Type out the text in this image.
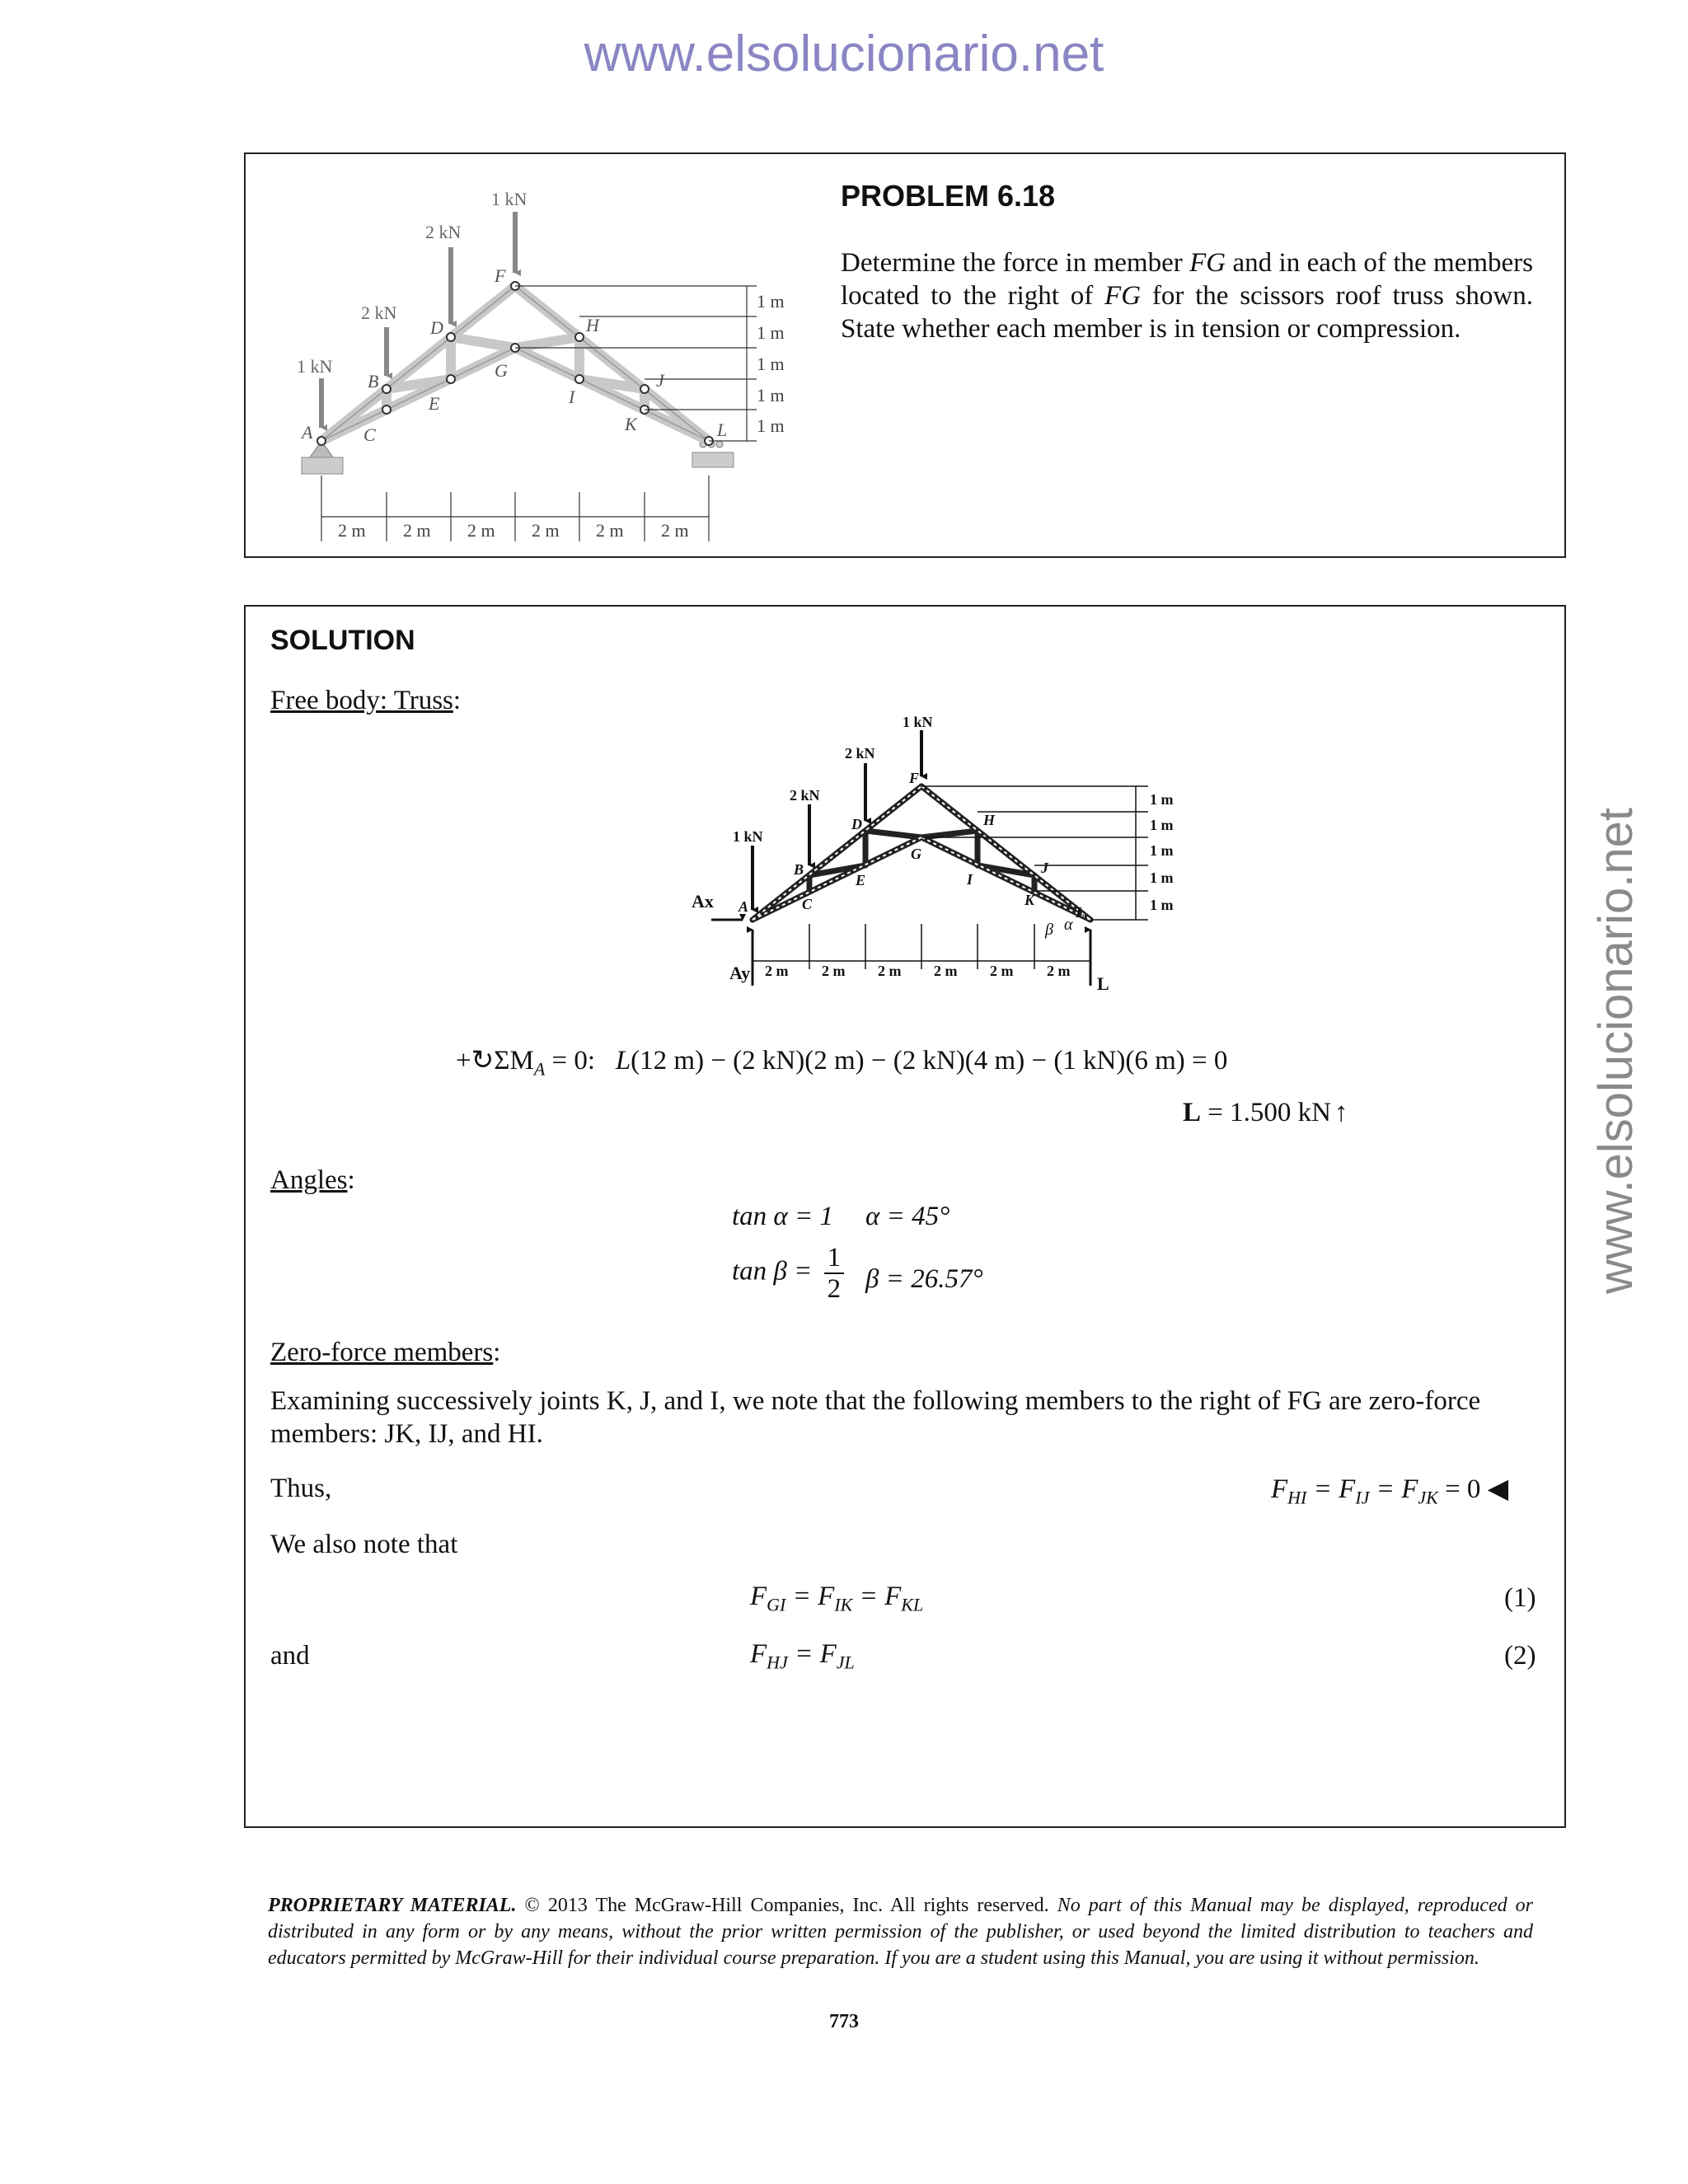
www.elsolucionario.net
www.elsolucionario.net
1 kN
2 kN
2 kN
1 kN
A
B
C
D
E
F
G
H
I
J
K	L
1 m
1 m
1 m
1 m
1 m
2 m 2 m 2 m 2 m 2 m 2 m
PROBLEM 6.18
Determine the force in member FG and in each of the members located to the right of FG for the scissors roof truss shown. State whether each member is in tension or compression.
SOLUTION
Free body: Truss:
1 kN
2 kN
2 kN
1 kN
A
B
C
D
E
F
G
H
I
J
K
L
Ax
Ay
L
β α
1 m
1 m
1 m
1 m
1 m
2 m 2 m 2 m 2 m 2 m 2 m
$+↻\Sigma M_A = 0$:   L(12 m) − (2 kN)(2 m) − (2 kN)(4 m) − (1 kN)(6 m) = 0
L = 1.500 kN ↑
Angles:
tan α = 1 α = 45°
$\tan \beta = \frac{1}{2}$ β = 26.57°
Zero-force members:
Examining successively joints K, J, and I, we note that the following members to the right of FG are zero-force members: JK, IJ, and HI.
Thus,	$F_{HI} = F_{IJ} = F_{JK} = 0$ ◀
We also note that
$F_{GI} = F_{IK} = F_{KL}$	(1)
and	$F_{HJ} = F_{JL}$	(2)
PROPRIETARY MATERIAL. © 2013 The McGraw-Hill Companies, Inc. All rights reserved. No part of this Manual may be displayed, reproduced or distributed in any form or by any means, without the prior written permission of the publisher, or used beyond the limited distribution to teachers and educators permitted by McGraw-Hill for their individual course preparation. If you are a student using this Manual, you are using it without permission.
773
